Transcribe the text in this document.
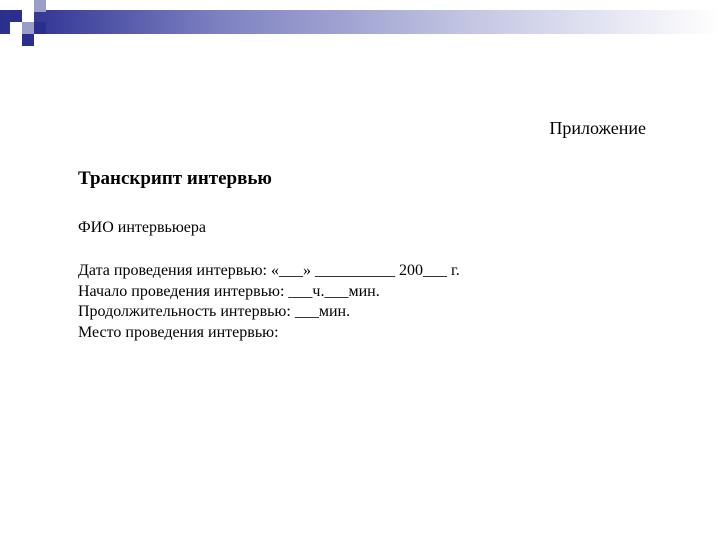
Приложение
Транскрипт интервью
ФИО интервьюера
Дата проведения интервью: «___» __________ 200___ г.
Начало проведения интервью: ___ч.___мин.
Продолжительность интервью: ___мин.
Место проведения интервью:
